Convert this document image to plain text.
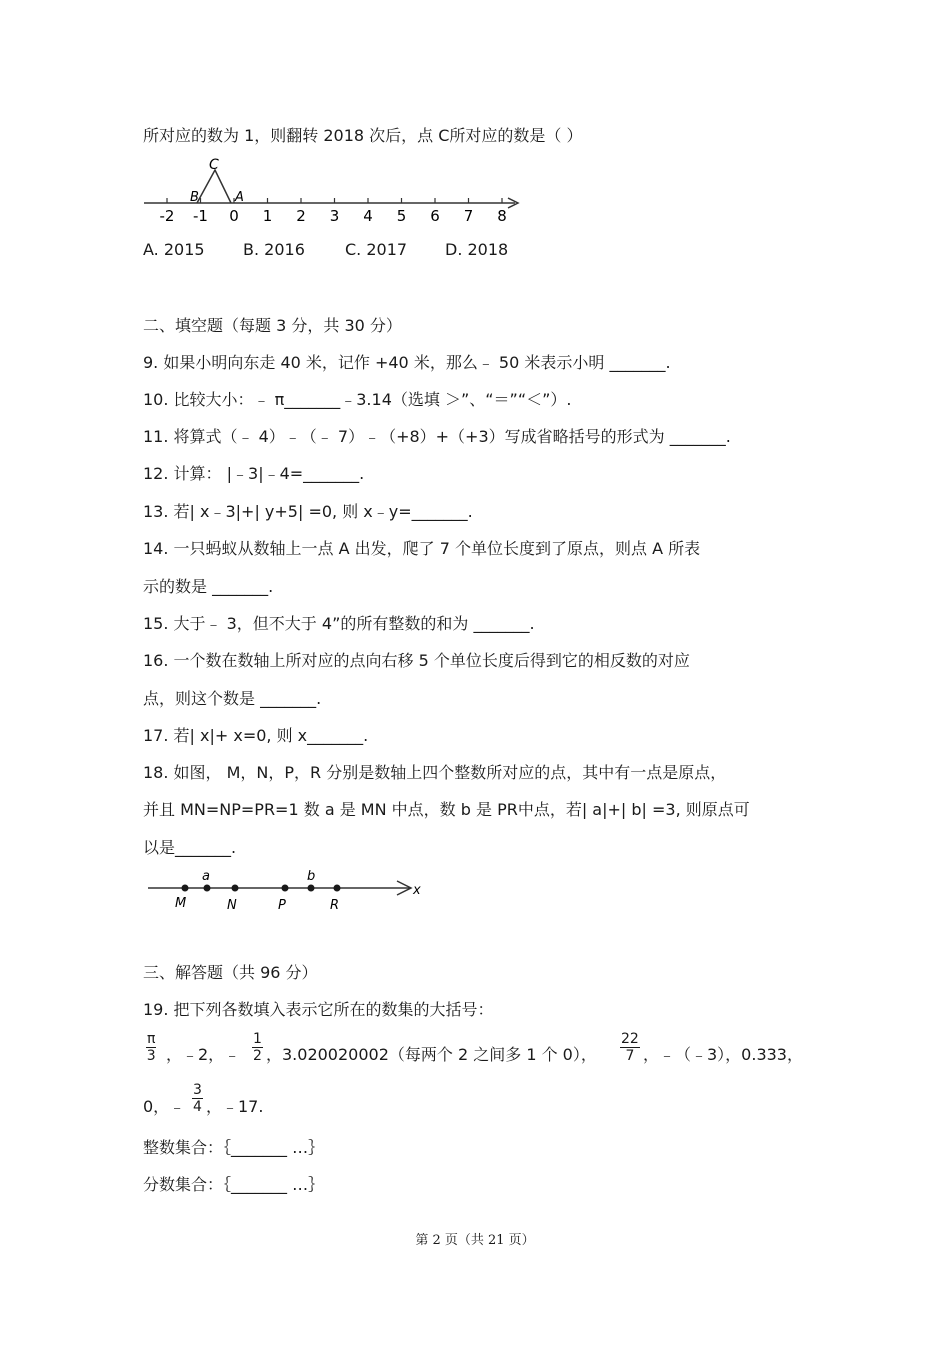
所对应的数为 1，则翻转 2018 次后，点 C所对应的数是（ ）
-2 -1 0 1 2 3 4 5 6 7 8
C
B	A
A. 2015 B. 2016	C. 2017 D. 2018
二、填空题（每题 3 分，共 30 分）
9. 如果小明向东走 40 米，记作 +40 米，那么﹣ 50 米表示小明 _______.
10. 比较大小：﹣ π_______﹣3.14（选填 ＞”、“＝”“＜”）.
11. 将算式（﹣ 4）﹣（﹣ 7）﹣（+8）+（+3）写成省略括号的形式为 _______.
12. 计算： |﹣3|﹣4=_______.
13. 若| x﹣3|+| y+5| =0, 则 x﹣y=_______.
14. 一只蚂蚁从数轴上一点 A 出发，爬了 7 个单位长度到了原点，则点 A 所表
示的数是 _______.
15. 大于﹣ 3，但不大于 4”的所有整数的和为 _______.
16. 一个数在数轴上所对应的点向右移 5 个单位长度后得到它的相反数的对应
点，则这个数是 _______.
17. 若| x|+ x=0, 则 x_______.
18. 如图， M，N，P，R 分别是数轴上四个整数所对应的点，其中有一点是原点，
并且 MN=NP=PR=1 数 a 是 MN 中点，数 b 是 PR中点，若| a|+| b| =3, 则原点可
以是_______.
a	b
M	N	P	R
x
三、解答题（共 96 分）
19. 把下列各数填入表示它所在的数集的大括号：
$\frac{\pi}{3}$ ，﹣2，﹣ $\frac{1}{2}$ ，3.020020002（每两个 2 之间多 1 个 0）， $\frac{22}{7}$ ，﹣（﹣3），0.333，
0，﹣ $\frac{3}{4}$ ，﹣17.
整数集合：｛_______ …｝
分数集合：｛_______ …｝
第 2 页（共 21 页）
